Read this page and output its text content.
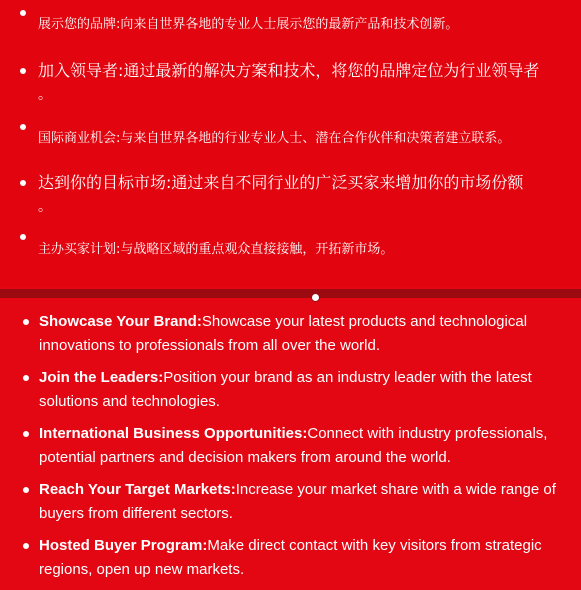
展示您的品牌:向来自世界各地的专业人士展示您的最新产品和技术创新。
加入领导者:通过最新的解决方案和技术，将您的品牌定位为行业领导者
。
国际商业机会:与来自世界各地的行业专业人士、潜在合作伙伴和决策者建立联系。
达到你的目标市场:通过来自不同行业的广泛买家来增加你的市场份额
。
主办买家计划:与战略区域的重点观众直接接触，开拓新市场。
Showcase Your Brand:Showcase your latest products and technological innovations to professionals from all over the world.
Join the Leaders:Position your brand as an industry leader with the latest solutions and technologies.
International Business Opportunities:Connect with industry professionals, potential partners and decision makers from around the world.
Reach Your Target Markets:Increase your market share with a wide range of buyers from different sectors.
Hosted Buyer Program:Make direct contact with key visitors from strategic regions, open up new markets.
